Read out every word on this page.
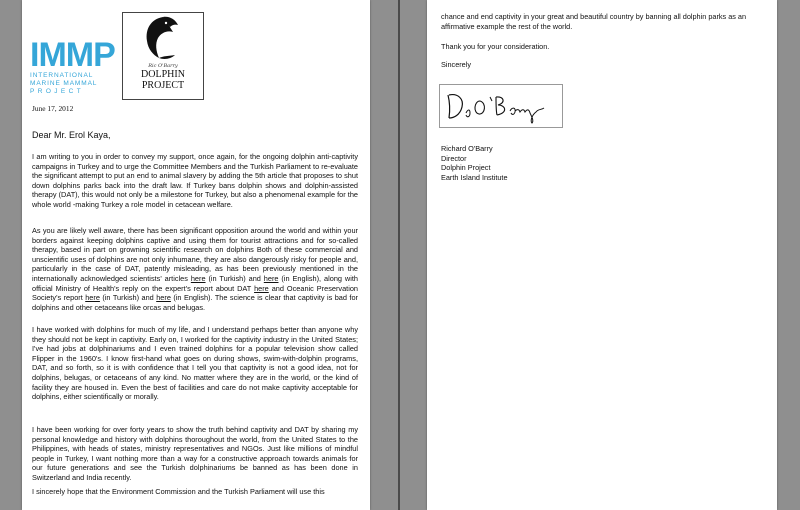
IMMP
INTERNATIONAL
MARINE MAMMAL
PROJECT
Ric O'Barry
DOLPHIN
PROJECT
June 17, 2012
Dear Mr. Erol Kaya,

I am writing to you in order to convey my support, once again, for the ongoing dolphin anti-captivity campaigns in Turkey and to urge the Committee Members and the Turkish Parliament to re-evaluate the significant attempt to put an end to animal slavery by adding the 5th article that proposes to shut down dolphins parks back into the draft law. If Turkey bans dolphin shows and dolphin-assisted therapy (DAT), this would not only be a milestone for Turkey, but also a phenomenal example for the whole world -making Turkey a role model in cetacean welfare.

As you are likely well aware, there has been significant opposition around the world and within your borders against keeping dolphins captive and using them for tourist attractions and for so-called therapy, based in part on growning scientific research on dolphins Both of these commercial and unscientific uses of dolphins are not only inhumane, they are also dangerously risky for people and, particularly in the case of DAT, patently misleading, as has been previously mentioned in the internationally acknowledged scientists' articles here (in Turkish) and here (in English), along with official Ministry of Health's reply on the expert's report about DAT here and Oceanic Preservation Society's report here (in Turkish) and here (in English). The science is clear that captivity is bad for dolphins and other cetaceans like orcas and belugas.

I have worked with dolphins for much of my life, and I understand perhaps better than anyone why they should not be kept in captivity. Early on, I worked for the captivity industry in the United States; I've had jobs at dolphinariums and I even trained dolphins for a popular television show called Flipper in the 1960's. I know first-hand what goes on during shows, swim-with-dolphin programs, DAT, and so forth, so it is with confidence that I tell you that captivity is not a good idea, not for dolphins, belugas, or cetaceans of any kind. No matter where they are in the world, or the kind of facility they are housed in. Even the best of facilities and care do not make captivity acceptable for dolphins, either scientifically or morally.

I have been working for over forty years to show the truth behind captivity and DAT by sharing my personal knowledge and history with dolphins thoroughout the world, from the United States to the Philippines, with heads of states, ministry representatives and NGOs. Just like millions of mindful people in Turkey, I want nothing more than a way for a constructive approach towards animals for our future generations and see the Turkish dolphinariums be banned as has been done in Switzerland and India recently.

I sincerely hope that the Environment Commission and the Turkish Parliament will use this

chance and end captivity in your great and beautiful country by banning all dolphin parks as an affirmative example the rest of the world.

Thank you for your consideration.

Sincerely

Richard O'Barry
Director
Dolphin Project
Earth Island Institute
